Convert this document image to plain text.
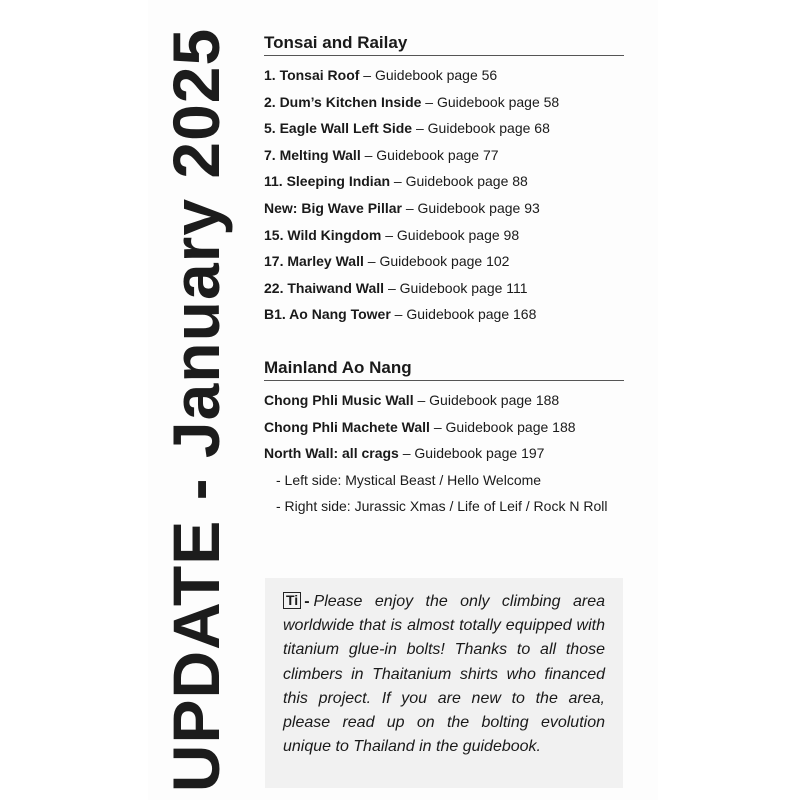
UPDATE - January 2025 Tonsai and Railay
1. Tonsai Roof – Guidebook page 56
2. Dum’s Kitchen Inside – Guidebook page 58
5. Eagle Wall Left Side – Guidebook page 68
7. Melting Wall – Guidebook page 77
11. Sleeping Indian – Guidebook page 88
New: Big Wave Pillar – Guidebook page 93
15. Wild Kingdom – Guidebook page 98
17. Marley Wall – Guidebook page 102
22. Thaiwand Wall – Guidebook page 111
B1. Ao Nang Tower – Guidebook page 168
Mainland Ao Nang
Chong Phli Music Wall – Guidebook page 188
Chong Phli Machete Wall – Guidebook page 188
North Wall: all crags – Guidebook page 197
- Left side: Mystical Beast / Hello Welcome
- Right side: Jurassic Xmas / Life of Leif / Rock N Roll
Ti - Please enjoy the only climbing area worldwide that is almost totally equipped with titanium glue-in bolts! Thanks to all those climbers in Thaitanium shirts who financed this project. If you are new to the area, please read up on the bolting evolution unique to Thailand in the guidebook.
